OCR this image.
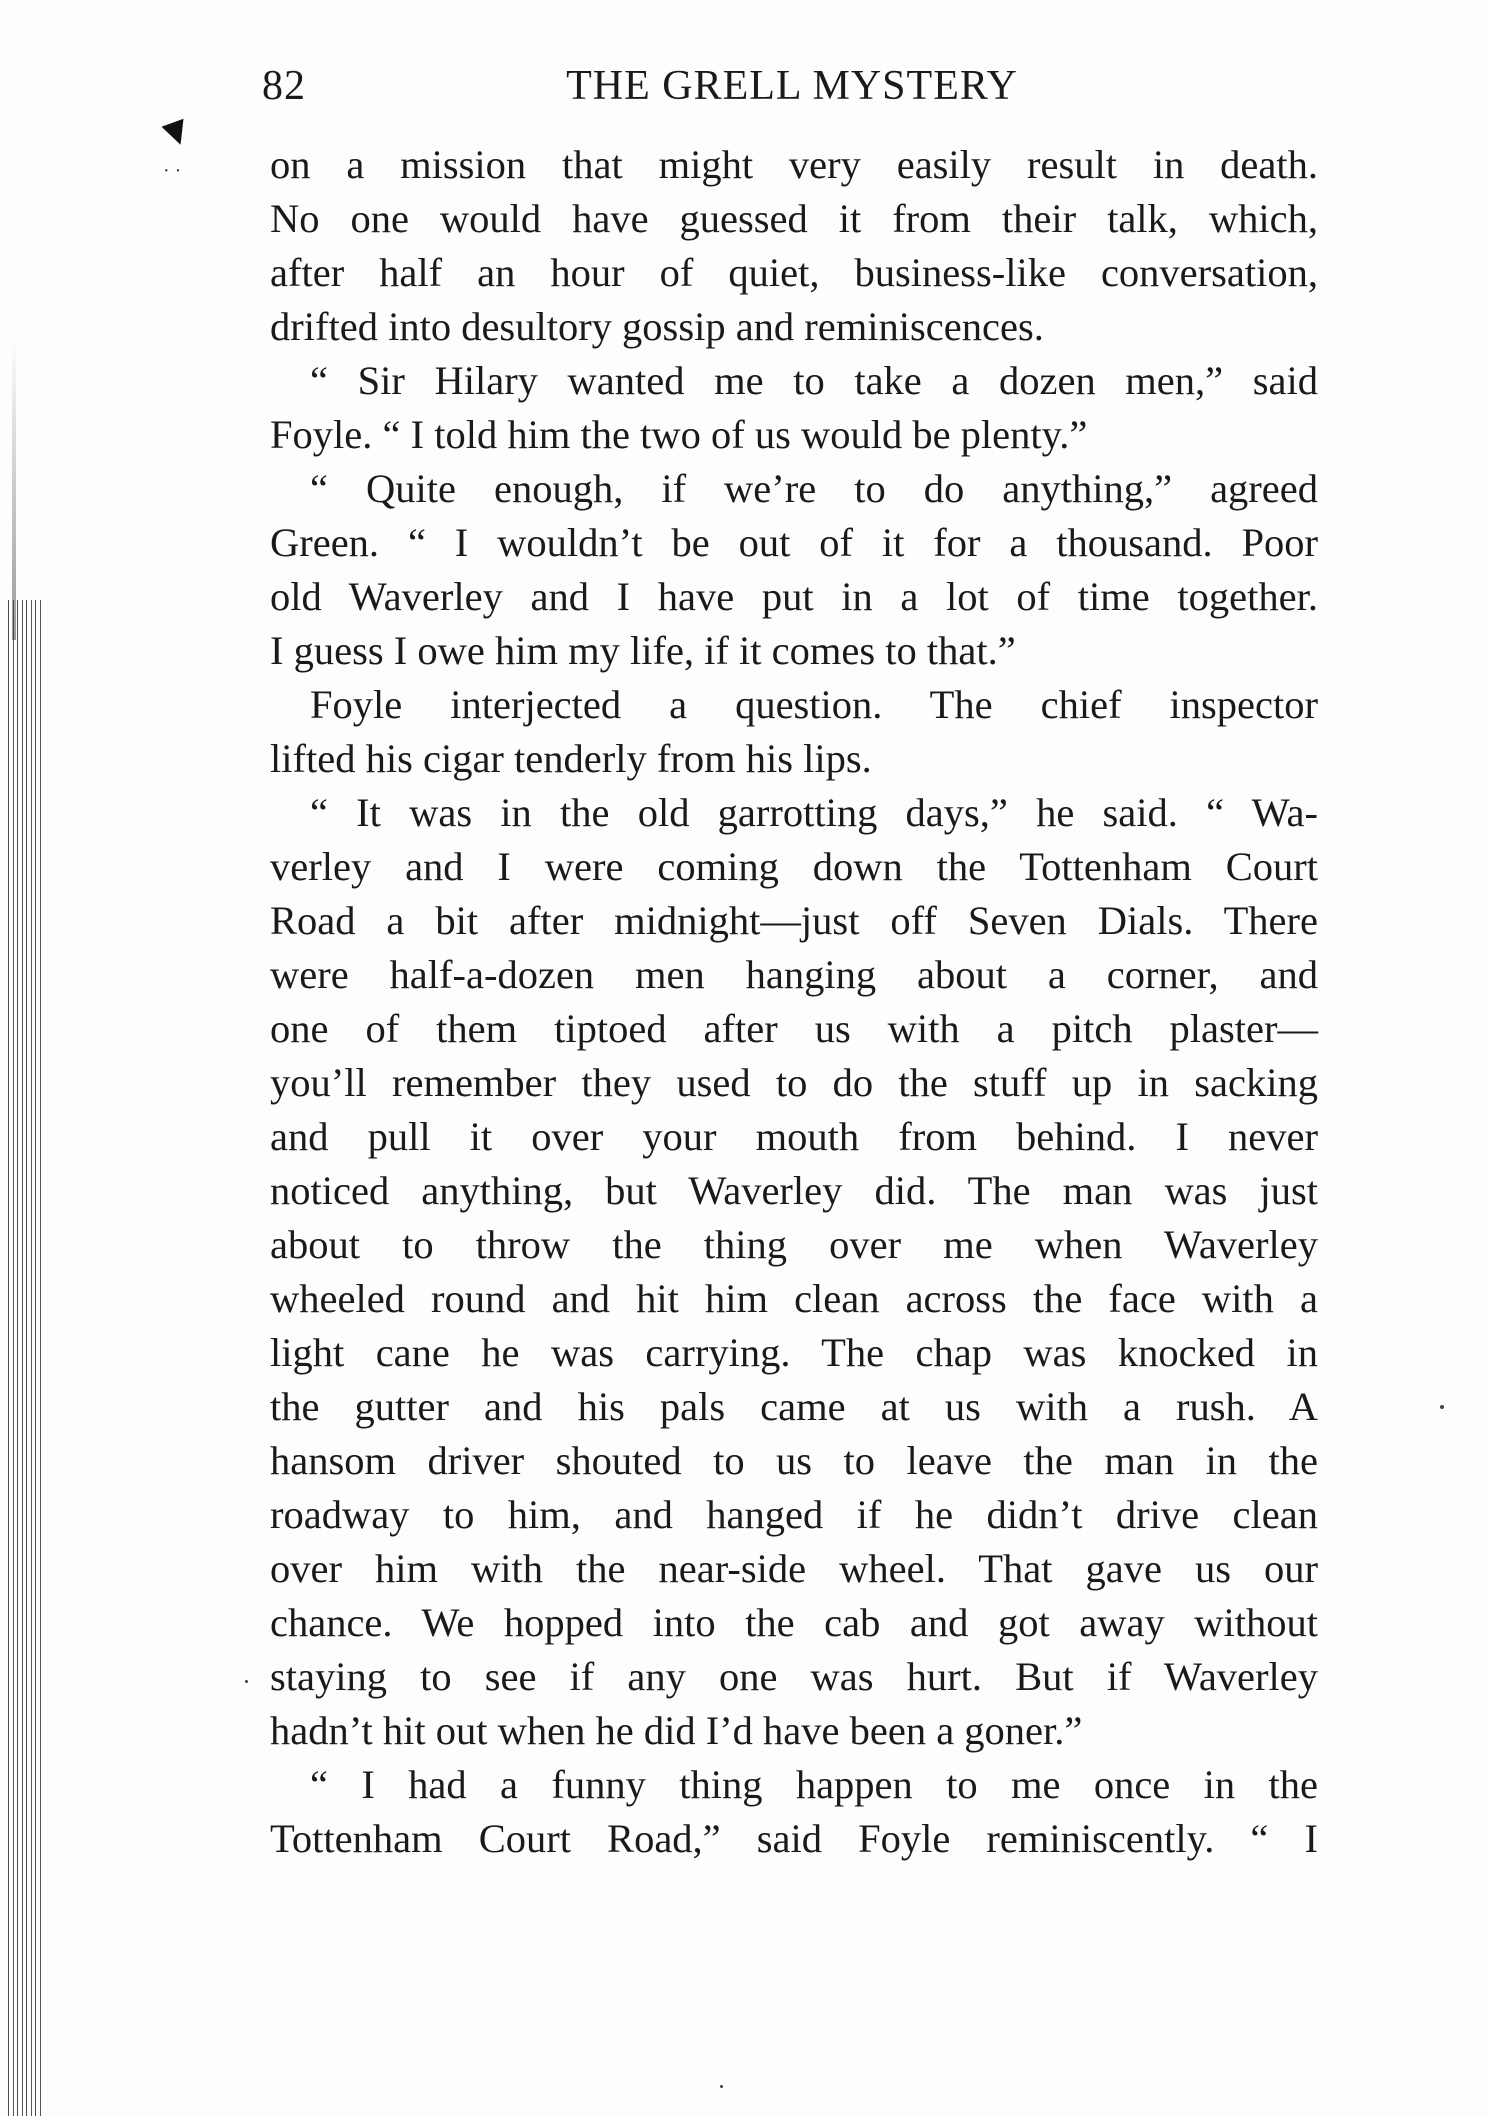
▼
· ·
82	THE GRELL MYSTERY
on a mission that might very easily result in death.
No one would have guessed it from their talk, which,
after half an hour of quiet, business-like conversation,
drifted into desultory gossip and reminiscences.
“ Sir Hilary wanted me to take a dozen men,” said
Foyle. “ I told him the two of us would be plenty.”
“ Quite enough, if we’re to do anything,” agreed
Green. “ I wouldn’t be out of it for a thousand. Poor
old Waverley and I have put in a lot of time together.
I guess I owe him my life, if it comes to that.”
Foyle interjected a question. The chief inspector
lifted his cigar tenderly from his lips.
“ It was in the old garrotting days,” he said. “ Wa-
verley and I were coming down the Tottenham Court
Road a bit after midnight—just off Seven Dials. There
were half-a-dozen men hanging about a corner, and
one of them tiptoed after us with a pitch plaster—
you’ll remember they used to do the stuff up in sacking
and pull it over your mouth from behind. I never
noticed anything, but Waverley did. The man was just
about to throw the thing over me when Waverley
wheeled round and hit him clean across the face with a
light cane he was carrying. The chap was knocked in
the gutter and his pals came at us with a rush. A
hansom driver shouted to us to leave the man in the
roadway to him, and hanged if he didn’t drive clean
over him with the near-side wheel. That gave us our
chance. We hopped into the cab and got away without
staying to see if any one was hurt. But if Waverley
hadn’t hit out when he did I’d have been a goner.”
“ I had a funny thing happen to me once in the
Tottenham Court Road,” said Foyle reminiscently. “ I
